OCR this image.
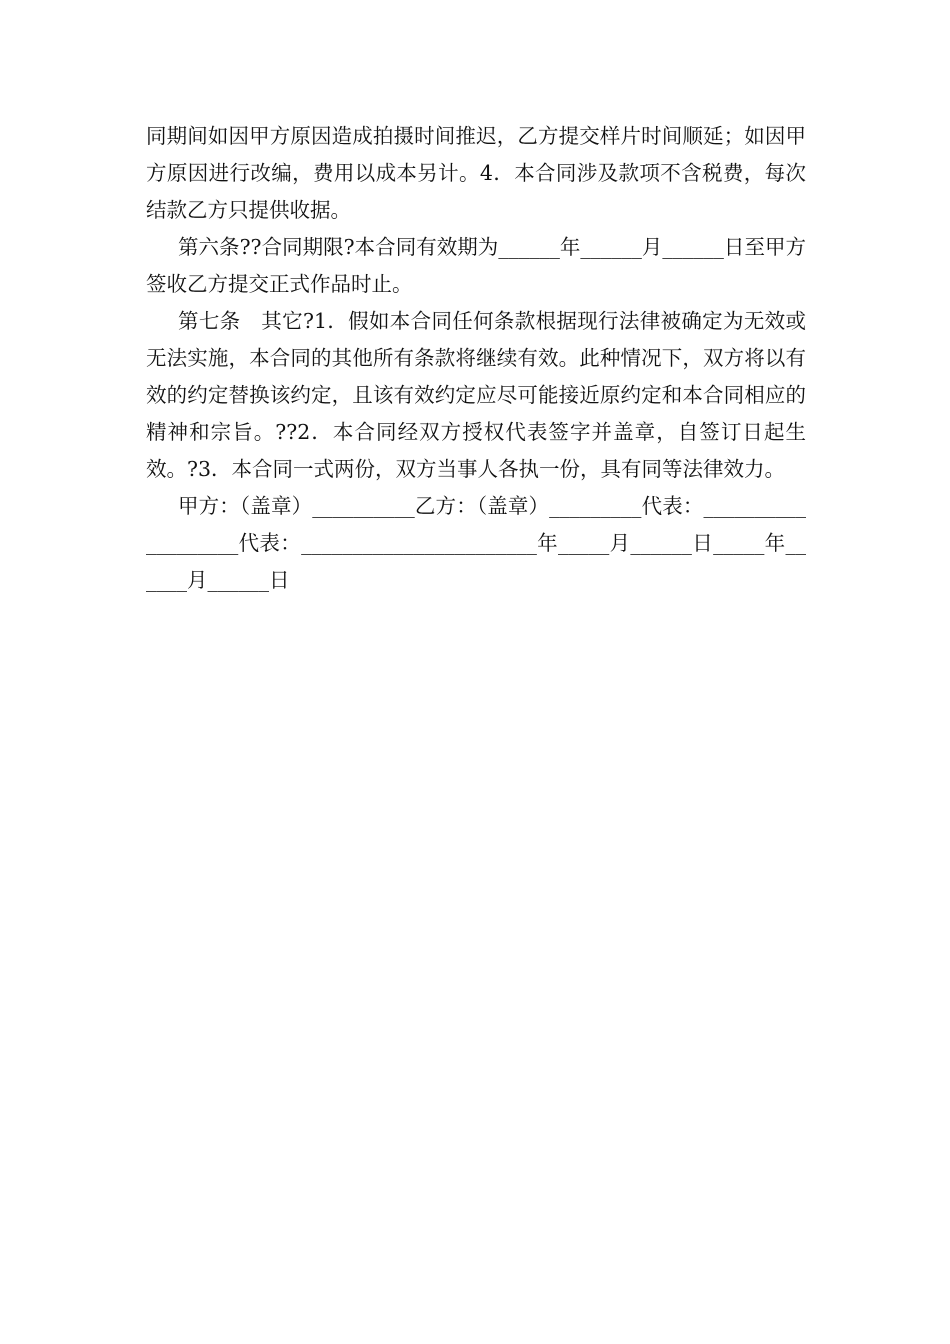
同期间如因甲方原因造成拍摄时间推迟，乙方提交样片时间顺延；如因甲方原因进行改编，费用以成本另计。4．本合同涉及款项不含税费，每次结款乙方只提供收据。

第六条??合同期限?本合同有效期为______年______月______日至甲方签收乙方提交正式作品时止。

第七条　其它?1．假如本合同任何条款根据现行法律被确定为无效或无法实施，本合同的其他所有条款将继续有效。此种情况下，双方将以有效的约定替换该约定，且该有效约定应尽可能接近原约定和本合同相应的精神和宗旨。??2．本合同经双方授权代表签字并盖章，自签订日起生效。?3．本合同一式两份，双方当事人各执一份，具有同等法律效力。

甲方：（盖章）__________乙方：（盖章）_________代表：___________________代表：_______________________年_____月______日_____年______月______日
